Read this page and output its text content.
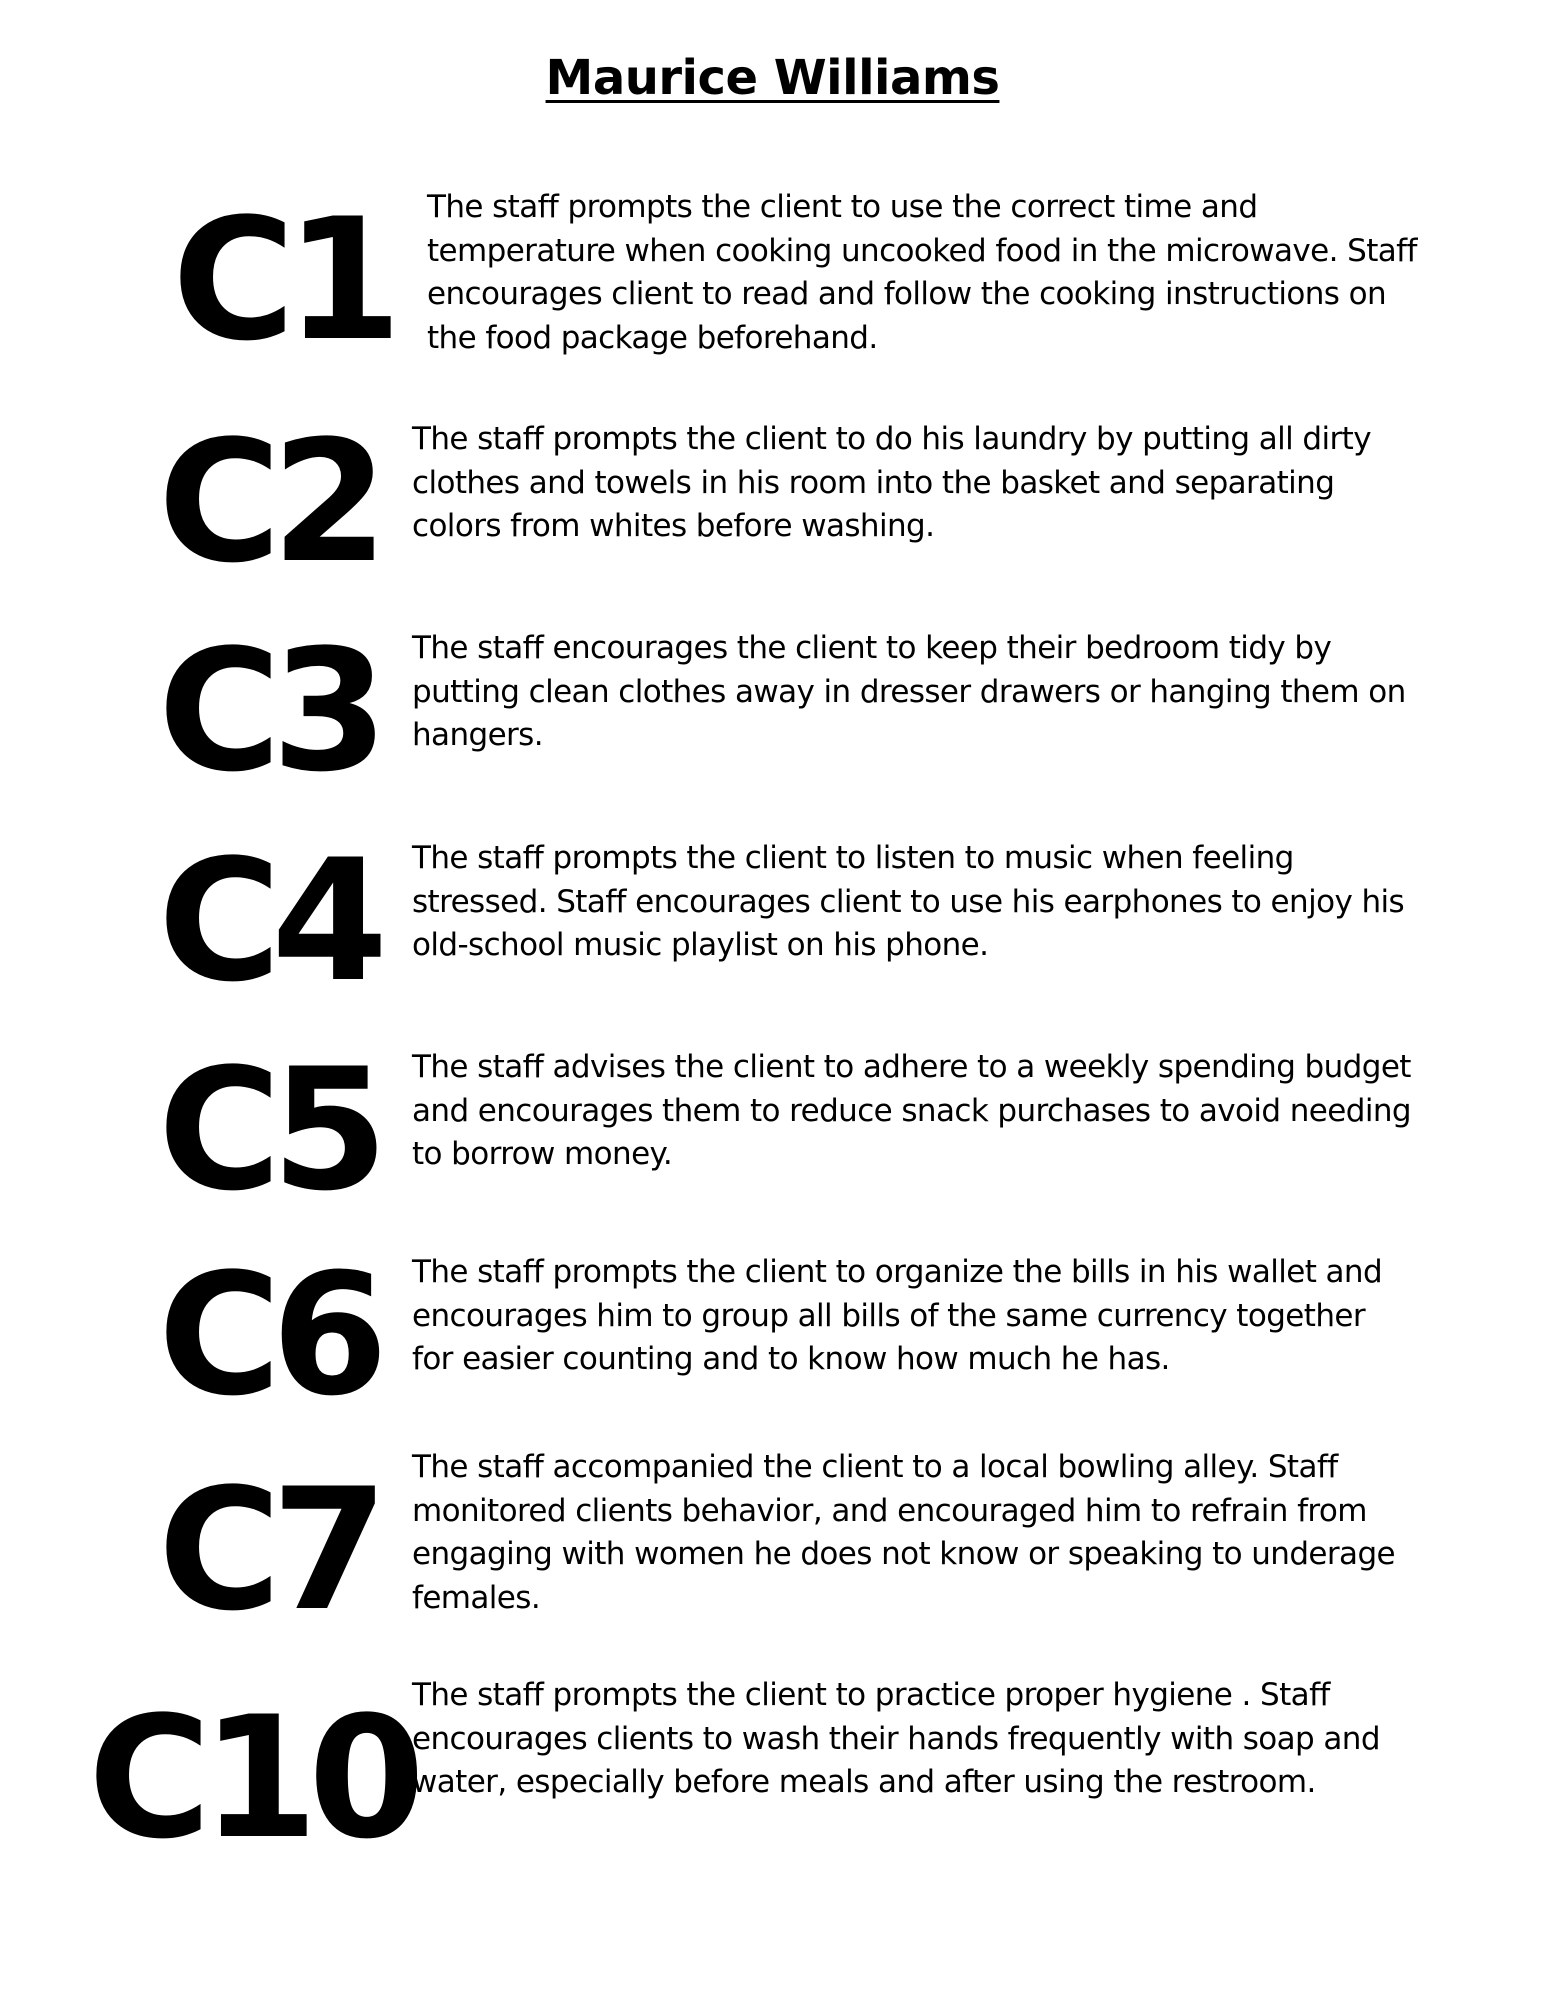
Maurice Williams
C1 The staff prompts the client to use the correct time and temperature when cooking uncooked food in the microwave. Staff encourages client to read and follow the cooking instructions on the food package beforehand.

C2 The staff prompts the client to do his laundry by putting all dirty clothes and towels in his room into the basket and separating colors from whites before washing.

C3 The staff encourages the client to keep their bedroom tidy by putting clean clothes away in dresser drawers or hanging them on hangers.

C4 The staff prompts the client to listen to music when feeling stressed. Staff encourages client to use his earphones to enjoy his old-school music playlist on his phone.

C5 The staff advises the client to adhere to a weekly spending budget and encourages them to reduce snack purchases to avoid needing to borrow money.

C6 The staff prompts the client to organize the bills in his wallet and encourages him to group all bills of the same currency together for easier counting and to know how much he has.

C7 The staff accompanied the client to a local bowling alley. Staff monitored clients behavior, and encouraged him to refrain from engaging with women he does not know or speaking to underage females.

C10

The staff prompts the client to practice proper hygiene . Staff encourages clients to wash their hands frequently with soap and water, especially before meals and after using the restroom.
